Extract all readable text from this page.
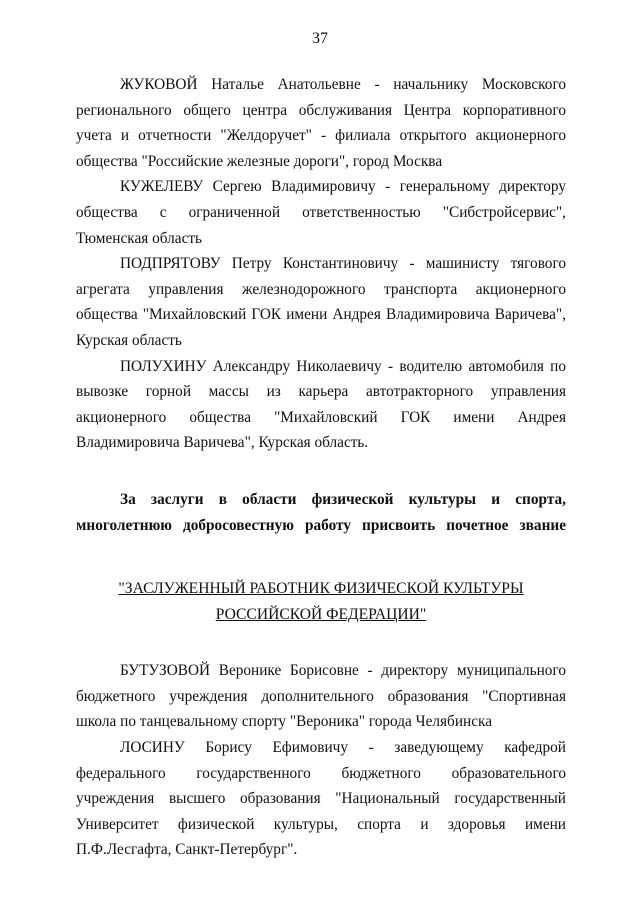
37

ЖУКОВОЙ Наталье Анатольевне - начальнику Московского регионального общего центра обслуживания Центра корпоративного учета и отчетности "Желдоручет" - филиала открытого акционерного общества "Российские железные дороги", город Москва

КУЖЕЛЕВУ Сергею Владимировичу - генеральному директору общества с ограниченной ответственностью "Сибстройсервис", Тюменская область

ПОДПРЯТОВУ Петру Константиновичу - машинисту тягового агрегата управления железнодорожного транспорта акционерного общества "Михайловский ГОК имени Андрея Владимировича Варичева", Курская область

ПОЛУХИНУ Александру Николаевичу - водителю автомобиля по вывозке горной массы из карьера автотракторного управления акционерного общества "Михайловский ГОК имени Андрея Владимировича Варичева", Курская область.

За заслуги в области физической культуры и спорта, многолетнюю добросовестную работу присвоить почетное звание

"ЗАСЛУЖЕННЫЙ РАБОТНИК ФИЗИЧЕСКОЙ КУЛЬТУРЫ

РОССИЙСКОЙ ФЕДЕРАЦИИ"

БУТУЗОВОЙ Веронике Борисовне - директору муниципального бюджетного учреждения дополнительного образования "Спортивная школа по танцевальному спорту "Вероника" города Челябинска

ЛОСИНУ Борису Ефимовичу - заведующему кафедрой федерального государственного бюджетного образовательного учреждения высшего образования "Национальный государственный Университет физической культуры, спорта и здоровья имени П.Ф.Лесгафта, Санкт-Петербург".
